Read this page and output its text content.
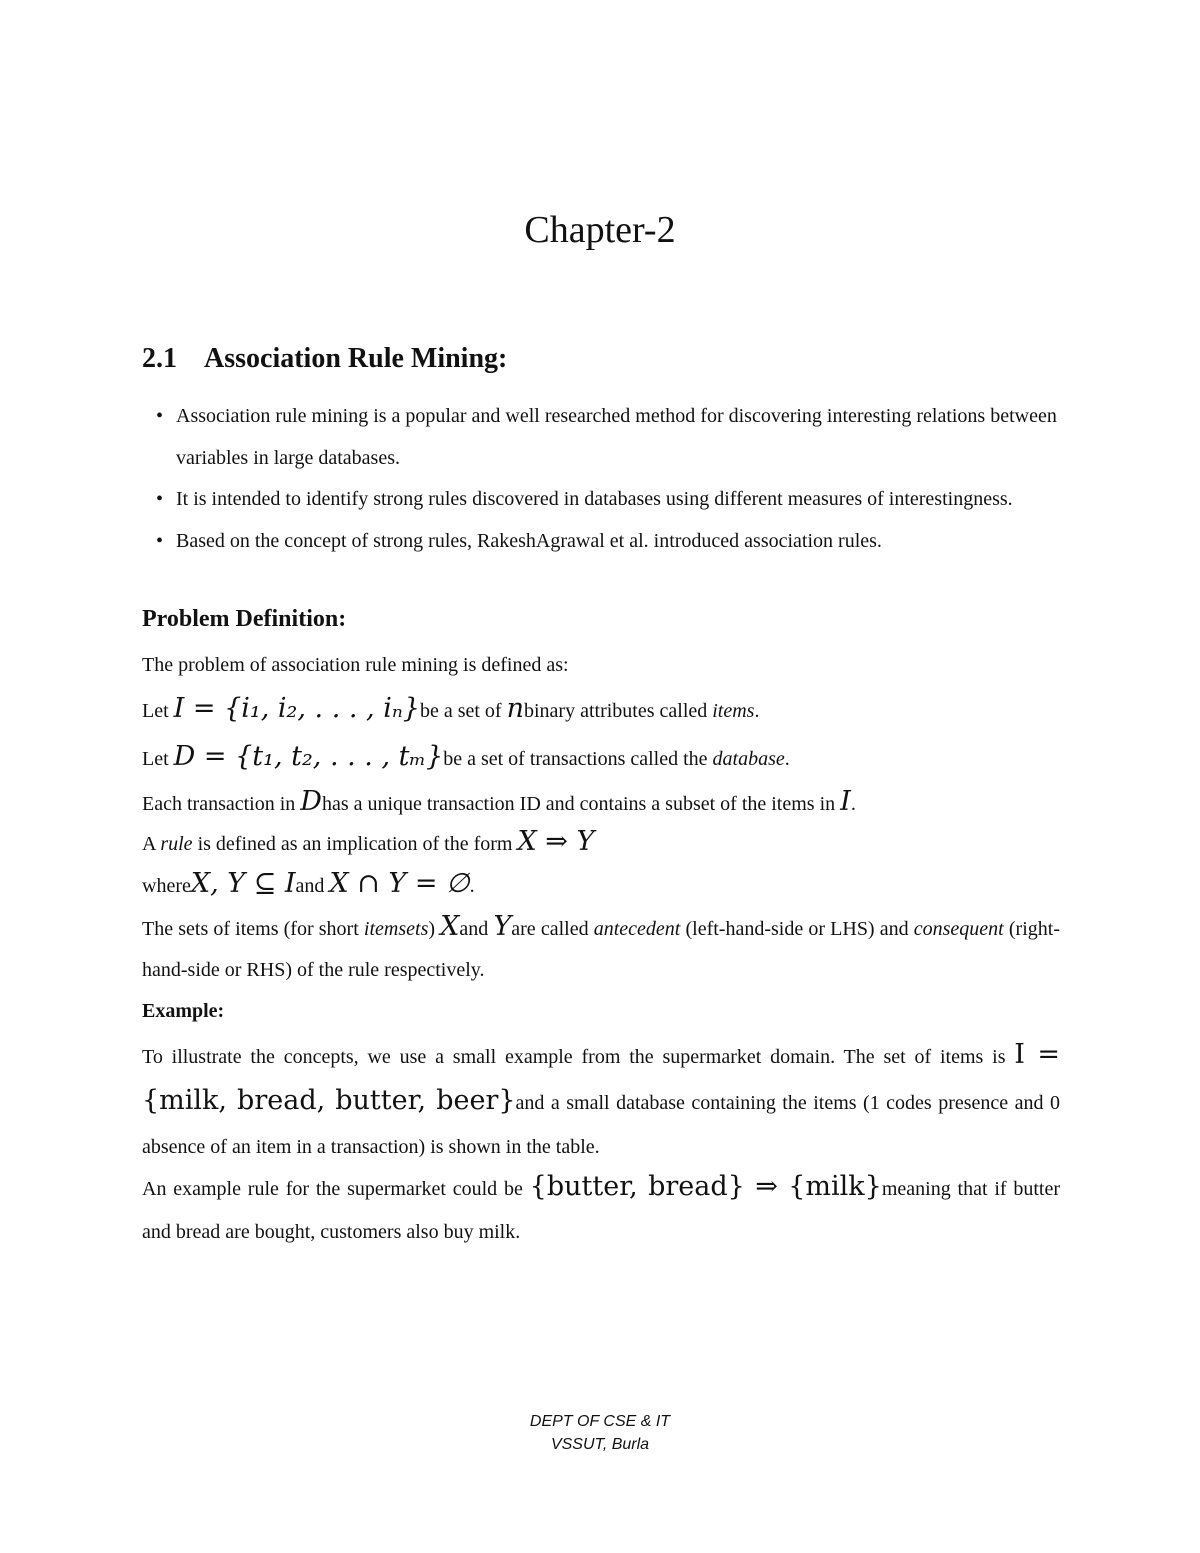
Chapter-2
2.1 Association Rule Mining:
• Association rule mining is a popular and well researched method for discovering interesting relations between variables in large databases.
• It is intended to identify strong rules discovered in databases using different measures of interestingness.
• Based on the concept of strong rules, RakeshAgrawal et al. introduced association rules.
Problem Definition:
The problem of association rule mining is defined as:
Let I = {i₁, i₂, . . . , iₙ}be a set of nbinary attributes called items.
Let D = {t₁, t₂, . . . , tₘ}be a set of transactions called the database.
Each transaction in Dhas a unique transaction ID and contains a subset of the items in I.
A rule is defined as an implication of the form X ⇒ Y
whereX, Y ⊆ Iand X ∩ Y = ∅.

The sets of items (for short itemsets) Xand Yare called antecedent (left-hand-side or LHS) and consequent (right-hand-side or RHS) of the rule respectively.

Example:

To illustrate the concepts, we use a small example from the supermarket domain. The set of items is I = {milk, bread, butter, beer}and a small database containing the items (1 codes presence and 0 absence of an item in a transaction) is shown in the table.

An example rule for the supermarket could be {butter, bread} ⇒ {milk}meaning that if butter and bread are bought, customers also buy milk.

DEPT OF CSE & IT
VSSUT, Burla
